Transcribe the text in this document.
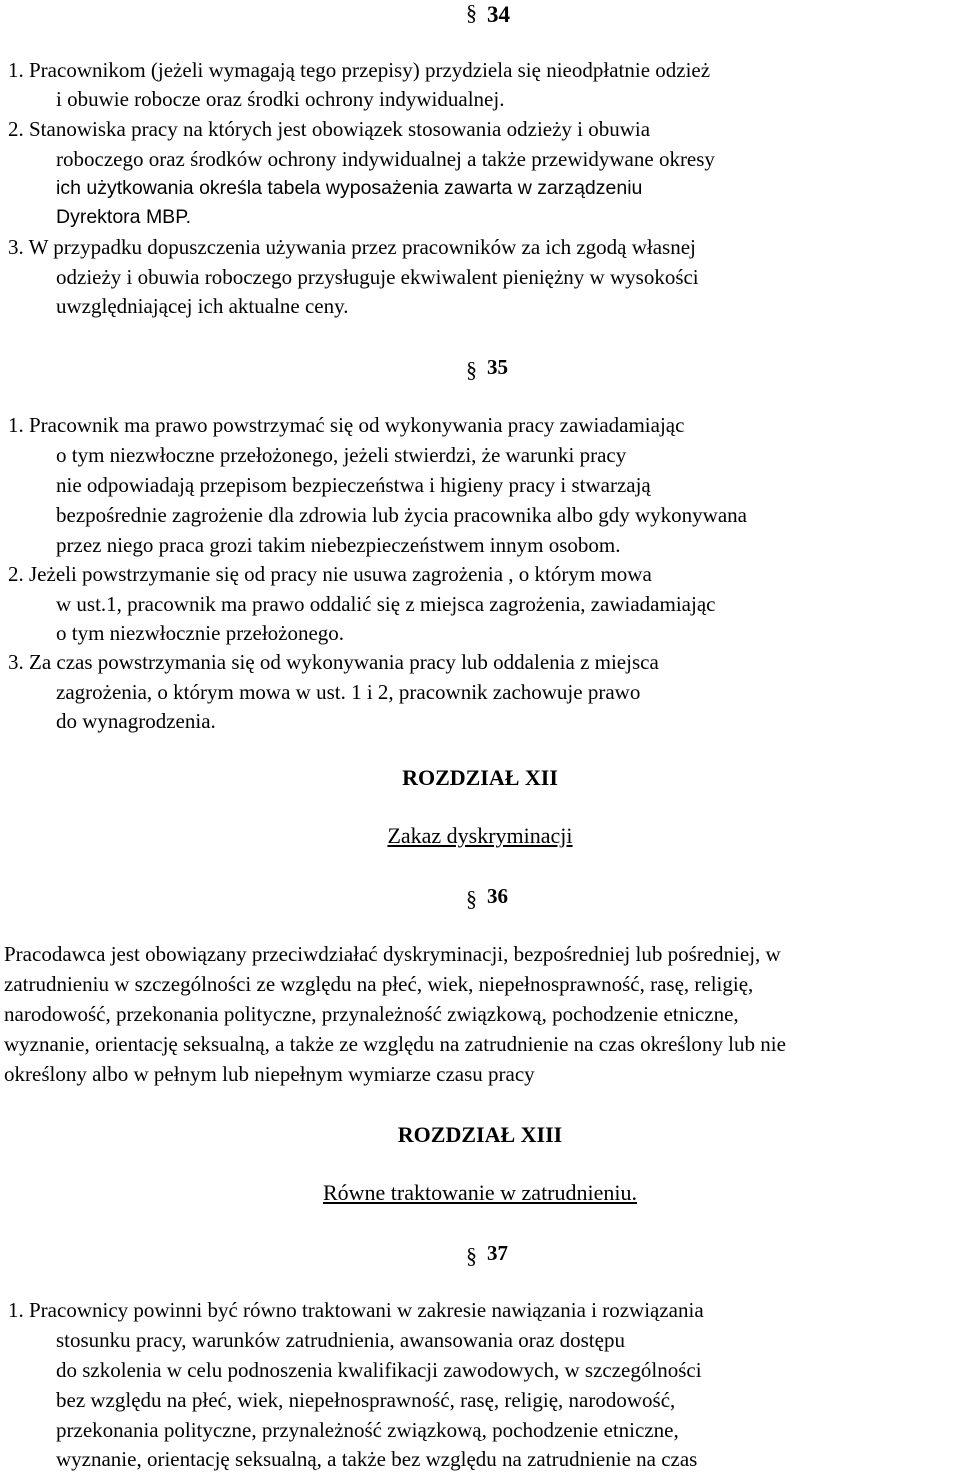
§ 34
1. Pracownikom (jeżeli wymagają tego przepisy) przydziela się nieodpłatnie odzież
i obuwie robocze oraz środki ochrony indywidualnej.
2. Stanowiska pracy na których jest obowiązek stosowania odzieży i obuwia
roboczego oraz środków ochrony indywidualnej a także przewidywane okresy
ich użytkowania określa tabela wyposażenia zawarta w zarządzeniu
Dyrektora MBP.
3. W przypadku dopuszczenia używania przez pracowników za ich zgodą własnej
odzieży i obuwia roboczego przysługuje ekwiwalent pieniężny w wysokości
uwzględniającej ich aktualne ceny.
§ 35
1. Pracownik ma prawo powstrzymać się od wykonywania pracy zawiadamiając
o tym niezwłoczne przełożonego, jeżeli stwierdzi, że warunki pracy
nie odpowiadają przepisom bezpieczeństwa i higieny pracy i stwarzają
bezpośrednie zagrożenie dla zdrowia lub życia pracownika albo gdy wykonywana
przez niego praca grozi takim niebezpieczeństwem innym osobom.
2. Jeżeli powstrzymanie się od pracy nie usuwa zagrożenia , o którym mowa
w ust.1, pracownik ma prawo oddalić się z miejsca zagrożenia, zawiadamiając
o tym niezwłocznie przełożonego.
3. Za czas powstrzymania się od wykonywania pracy lub oddalenia z miejsca
zagrożenia, o którym mowa w ust. 1 i 2, pracownik zachowuje prawo
do wynagrodzenia.
ROZDZIAŁ XII
Zakaz dyskryminacji
§ 36
Pracodawca jest obowiązany przeciwdziałać dyskryminacji, bezpośredniej lub pośredniej, w
zatrudnieniu w szczególności ze względu na płeć, wiek, niepełnosprawność, rasę, religię,
narodowość, przekonania polityczne, przynależność związkową, pochodzenie etniczne,
wyznanie, orientację seksualną, a także ze względu na zatrudnienie na czas określony lub nie
określony albo w pełnym lub niepełnym wymiarze czasu pracy
ROZDZIAŁ XIII
Równe traktowanie w zatrudnieniu.
§ 37
1. Pracownicy powinni być równo traktowani w zakresie nawiązania i rozwiązania
stosunku pracy, warunków zatrudnienia, awansowania oraz dostępu
do szkolenia w celu podnoszenia kwalifikacji zawodowych, w szczególności
bez względu na płeć, wiek, niepełnosprawność, rasę, religię, narodowość,
przekonania polityczne, przynależność związkową, pochodzenie etniczne,
wyznanie, orientację seksualną, a także bez względu na zatrudnienie na czas
